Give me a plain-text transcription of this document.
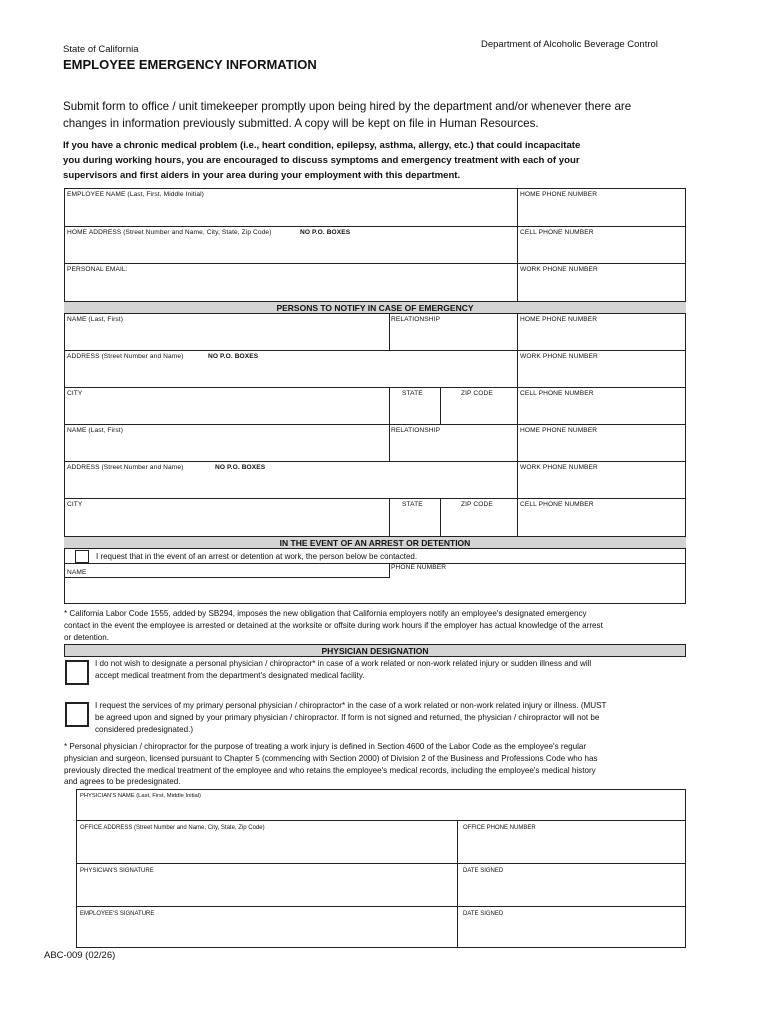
State of California	Department of Alcoholic Beverage Control
EMPLOYEE EMERGENCY INFORMATION
Submit form to office / unit timekeeper promptly upon being hired by the department and/or whenever there are
changes in information previously submitted. A copy will be kept on file in Human Resources.
If you have a chronic medical problem (i.e., heart condition, epilepsy, asthma, allergy, etc.) that could incapacitate
you during working hours, you are encouraged to discuss symptoms and emergency treatment with each of your
supervisors and first aiders in your area during your employment with this department.
EMPLOYEE NAME (Last, First, Middle Initial)	HOME PHONE NUMBER
HOME ADDRESS (Street Number and Name, City, State, Zip Code)	NO P.O. BOXES	CELL PHONE NUMBER
PERSONAL EMAIL:	WORK PHONE NUMBER
PERSONS TO NOTIFY IN CASE OF EMERGENCY
NAME (Last, First)	RELATIONSHIP	HOME PHONE NUMBER
ADDRESS (Street Number and Name)	NO P.O. BOXES	WORK PHONE NUMBER
CITY	STATE	ZIP CODE	CELL PHONE NUMBER
NAME (Last, First)	RELATIONSHIP	HOME PHONE NUMBER
ADDRESS (Street Number and Name)	NO P.O. BOXES	WORK PHONE NUMBER
CITY	STATE	ZIP CODE	CELL PHONE NUMBER
IN THE EVENT OF AN ARREST OR DETENTION
I request that in the event of an arrest or detention at work, the person below be contacted.
NAME
PHONE NUMBER
* California Labor Code 1555, added by SB294, imposes the new obligation that California employers notify an employee's designated emergency
contact in the event the employee is arrested or detained at the worksite or offsite during work hours if the employer has actual knowledge of the arrest
or detention.
PHYSICIAN DESIGNATION
I do not wish to designate a personal physician / chiropractor* in case of a work related or non-work related injury or sudden illness and will
accept medical treatment from the department's designated medical facility.
I request the services of my primary personal physician / chiropractor* in the case of a work related or non-work related injury or illness. (MUST
be agreed upon and signed by your primary physician / chiropractor. If form is not signed and returned, the physician / chiropractor will not be
considered predesignated.)
* Personal physician / chiropractor for the purpose of treating a work injury is defined in Section 4600 of the Labor Code as the employee's regular
physician and surgeon, licensed pursuant to Chapter 5 (commencing with Section 2000) of Division 2 of the Business and Professions Code who has
previously directed the medical treatment of the employee and who retains the employee's medical records, including the employee's medical history
and agrees to be predesignated.
PHYSICIAN'S NAME (Last, First, Middle Initial)
OFFICE ADDRESS (Street Number and Name, City, State, Zip Code)	OFFICE PHONE NUMBER
PHYSICIAN'S SIGNATURE	DATE SIGNED
EMPLOYEE'S SIGNATURE	DATE SIGNED
ABC-009 (02/26)
